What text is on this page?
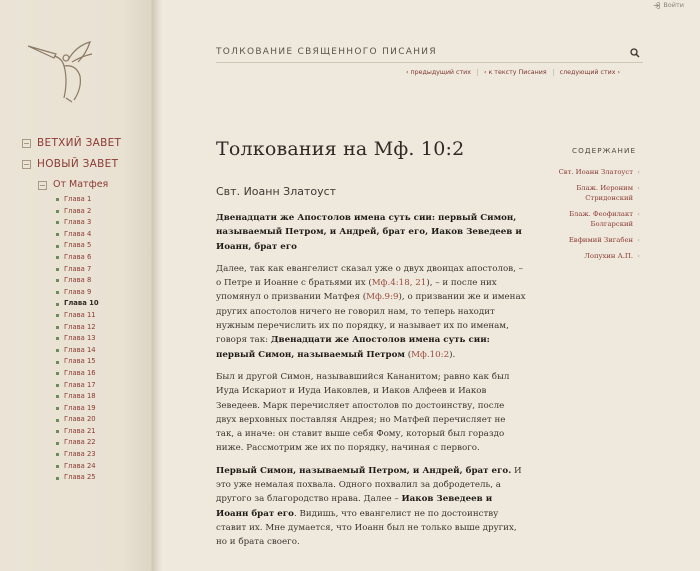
ВЕТХИЙ ЗАВЕТ
НОВЫЙ ЗАВЕТ
От Матфея
Глава 1
Глава 2
Глава 3
Глава 4
Глава 5
Глава 6
Глава 7
Глава 8
Глава 9
Глава 10
Глава 11
Глава 12
Глава 13
Глава 14
Глава 15
Глава 16
Глава 17
Глава 18
Глава 19
Глава 20
Глава 21
Глава 22
Глава 23
Глава 24
Глава 25
Войти
ТОЛКОВАНИЕ СВЯЩЕННОГО ПИСАНИЯ
‹ предыдущий стих	‹ к тексту Писания	следующий стих ›
Толкования на Мф. 10:2
Свт. Иоанн Златоуст

Двенадцати же Апостолов имена суть сии: первый Симон, называемый Петром, и Андрей, брат его, Иаков Зеведеев и Иоанн, брат его

Далее, так как евангелист сказал уже о двух двоицах апостолов, – о Петре и Иоанне с братьями их (Мф.4:18, 21), – и после них упомянул о призвании Матфея (Мф.9:9), о призвании же и именах других апостолов ничего не говорил нам, то теперь находит нужным перечислить их по порядку, и называет их по именам, говоря так: Двенадцати же Апостолов имена суть сии: первый Симон, называемый Петром (Мф.10:2).

Был и другой Симон, называвшийся Кананитом; равно как был Иуда Искариот и Иуда Иаковлев, и Иаков Алфеев и Иаков Зеведеев. Марк перечисляет апостолов по достоинству, после двух верховных поставляя Андрея; но Матфей перечисляет не так, а иначе: он ставит выше себя Фому, который был гораздо ниже. Рассмотрим же их по порядку, начиная с первого.

Первый Симон, называемый Петром, и Андрей, брат его. И это уже немалая похвала. Одного похвалил за добродетель, а другого за благородство нрава. Далее – Иаков Зеведеев и Иоанн брат его. Видишь, что евангелист не по достоинству ставит их. Мне думается, что Иоанн был не только выше других, но и брата своего.

СОДЕРЖАНИЕ
Свт. Иоанн Златоуст ‹
Блаж. Иероним Стридонский ‹
Блаж. Феофилакт Болгарский ‹
Евфимий Зигабен ‹
Лопухин А.П. ‹
